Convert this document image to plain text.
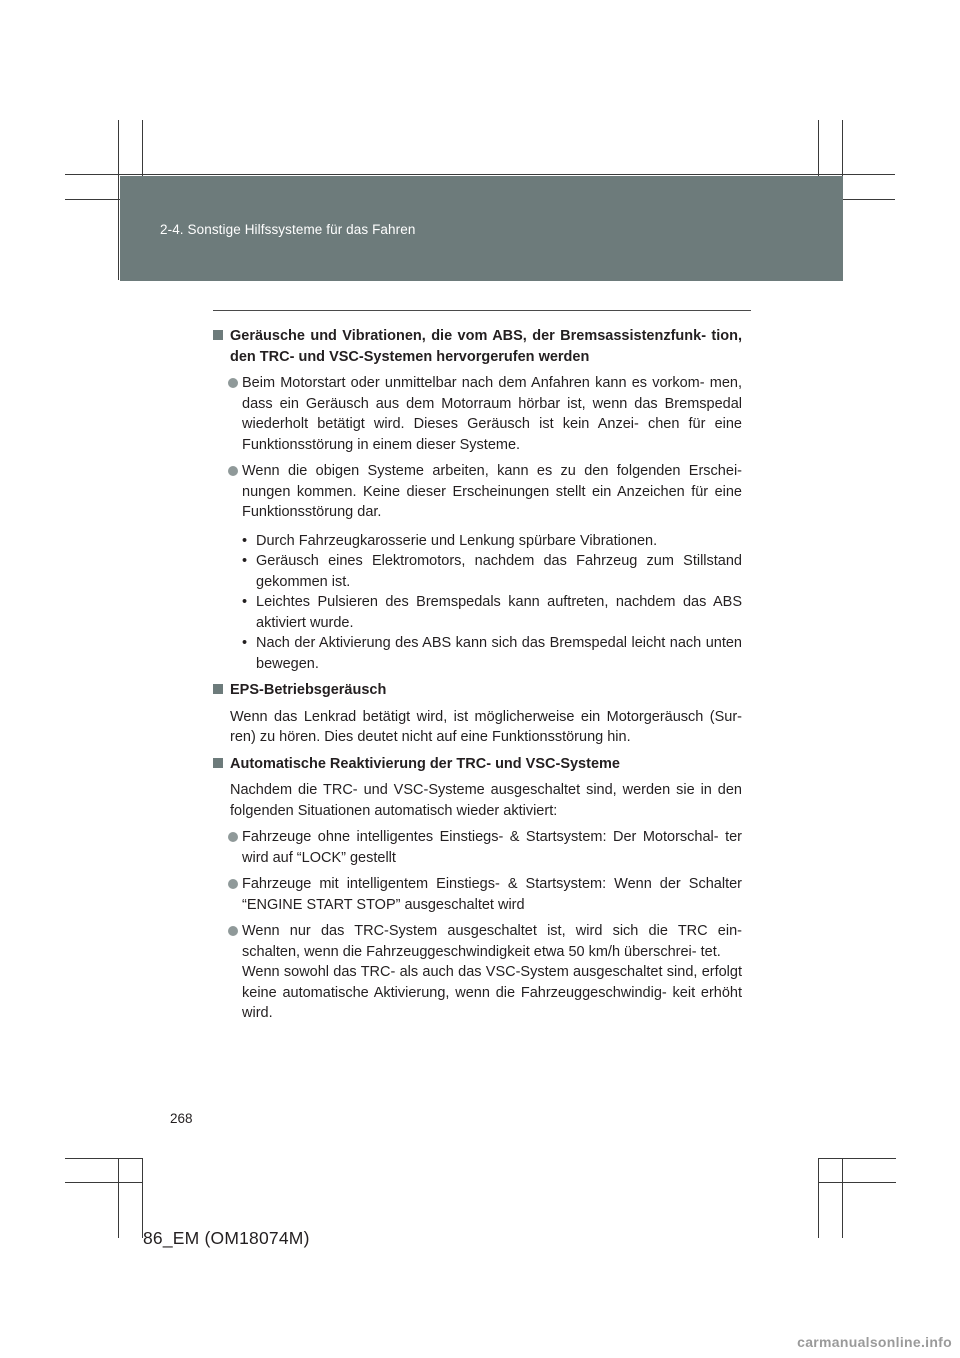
2-4. Sonstige Hilfssysteme für das Fahren

Geräusche und Vibrationen, die vom ABS, der Bremsassistenzfunk- tion, den TRC- und VSC-Systemen hervorgerufen werden

Beim Motorstart oder unmittelbar nach dem Anfahren kann es vorkom- men, dass ein Geräusch aus dem Motorraum hörbar ist, wenn das Bremspedal wiederholt betätigt wird. Dieses Geräusch ist kein Anzei- chen für eine Funktionsstörung in einem dieser Systeme.

Wenn die obigen Systeme arbeiten, kann es zu den folgenden Erschei- nungen kommen. Keine dieser Erscheinungen stellt ein Anzeichen für eine Funktionsstörung dar.

• Durch Fahrzeugkarosserie und Lenkung spürbare Vibrationen.

• Geräusch eines Elektromotors, nachdem das Fahrzeug zum Stillstand gekommen ist.

• Leichtes Pulsieren des Bremspedals kann auftreten, nachdem das ABS aktiviert wurde.

• Nach der Aktivierung des ABS kann sich das Bremspedal leicht nach unten bewegen.

EPS-Betriebsgeräusch

Wenn das Lenkrad betätigt wird, ist möglicherweise ein Motorgeräusch (Sur- ren) zu hören. Dies deutet nicht auf eine Funktionsstörung hin.

Automatische Reaktivierung der TRC- und VSC-Systeme

Nachdem die TRC- und VSC-Systeme ausgeschaltet sind, werden sie in den folgenden Situationen automatisch wieder aktiviert:

Fahrzeuge ohne intelligentes Einstiegs- & Startsystem: Der Motorschal- ter wird auf “LOCK” gestellt

Fahrzeuge mit intelligentem Einstiegs- & Startsystem: Wenn der Schalter “ENGINE START STOP” ausgeschaltet wird

Wenn nur das TRC-System ausgeschaltet ist, wird sich die TRC ein- schalten, wenn die Fahrzeuggeschwindigkeit etwa 50 km/h überschrei- tet.

Wenn sowohl das TRC- als auch das VSC-System ausgeschaltet sind, erfolgt keine automatische Aktivierung, wenn die Fahrzeuggeschwindig- keit erhöht wird.

268
86_EM (OM18074M)
carmanualsonline.info
